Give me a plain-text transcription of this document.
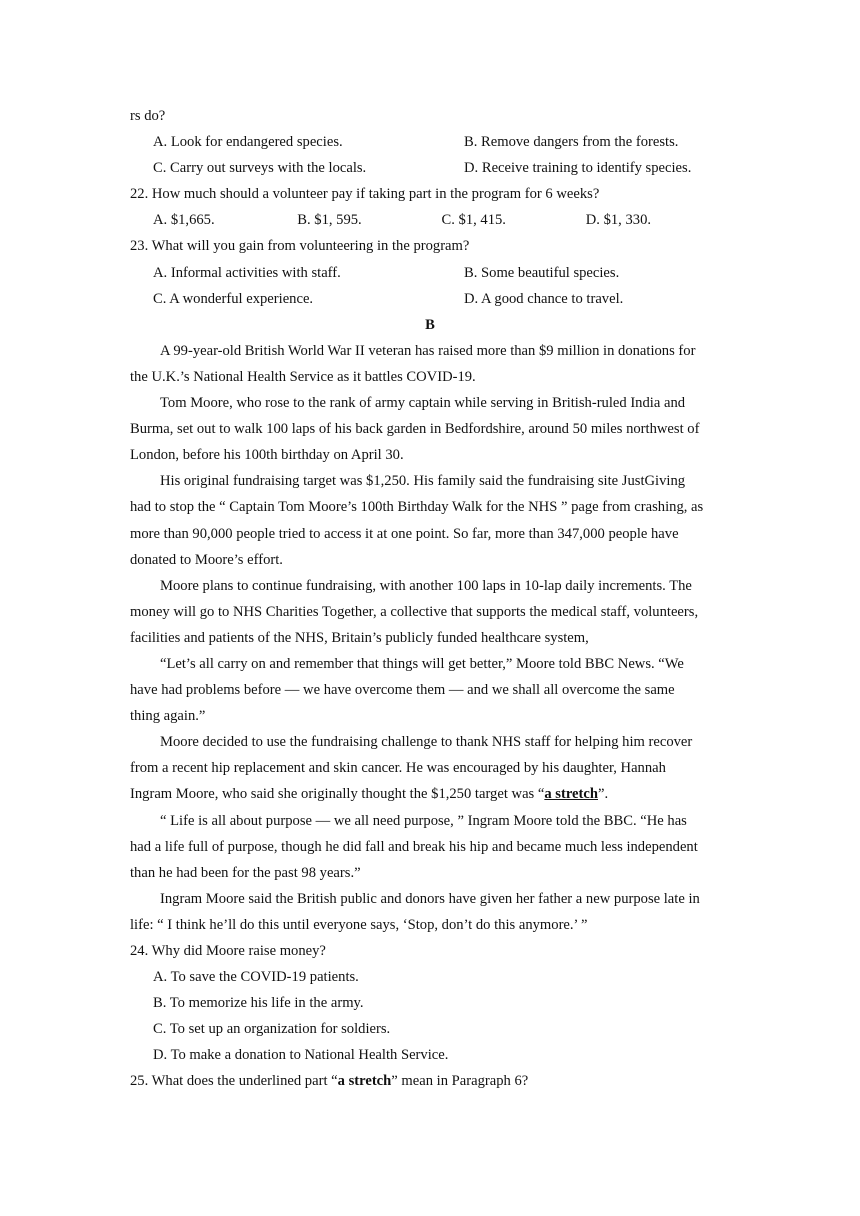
rs do?
A. Look for endangered species.	B. Remove dangers from the forests.
C. Carry out surveys with the locals.	D. Receive training to identify species.
22. How much should a volunteer pay if taking part in the program for 6 weeks?
A. $1,665.	B. $1, 595.	C. $1, 415.	D. $1, 330.
23. What will you gain from volunteering in the program?
A. Informal activities with staff.	B. Some beautiful species.
C. A wonderful experience.	D. A good chance to travel.
B
A 99-year-old British World War II veteran has raised more than $9 million in donations for
the U.K.’s National Health Service as it battles COVID-19.
Tom Moore, who rose to the rank of army captain while serving in British-ruled India and
Burma, set out to walk 100 laps of his back garden in Bedfordshire, around 50 miles northwest of
London, before his 100th birthday on April 30.
His original fundraising target was $1,250. His family said the fundraising site JustGiving
had to stop the “ Captain Tom Moore’s 100th Birthday Walk for the NHS ” page from crashing, as
more than 90,000 people tried to access it at one point. So far, more than 347,000 people have
donated to Moore’s effort.
Moore plans to continue fundraising, with another 100 laps in 10-lap daily increments. The
money will go to NHS Charities Together, a collective that supports the medical staff, volunteers,
facilities and patients of the NHS, Britain’s publicly funded healthcare system,
“Let’s all carry on and remember that things will get better,” Moore told BBC News. “We
have had problems before — we have overcome them — and we shall all overcome the same
thing again.”
Moore decided to use the fundraising challenge to thank NHS staff for helping him recover
from a recent hip replacement and skin cancer. He was encouraged by his daughter, Hannah
Ingram Moore, who said she originally thought the $1,250 target was “a stretch”.
“ Life is all about purpose — we all need purpose, ” Ingram Moore told the BBC. “He has
had a life full of purpose, though he did fall and break his hip and became much less independent
than he had been for the past 98 years.”
Ingram Moore said the British public and donors have given her father a new purpose late in
life: “ I think he’ll do this until everyone says, ‘Stop, don’t do this anymore.’ ”
24. Why did Moore raise money?
A. To save the COVID-19 patients.
B. To memorize his life in the army.
C. To set up an organization for soldiers.
D. To make a donation to National Health Service.
25. What does the underlined part “a stretch” mean in Paragraph 6?
